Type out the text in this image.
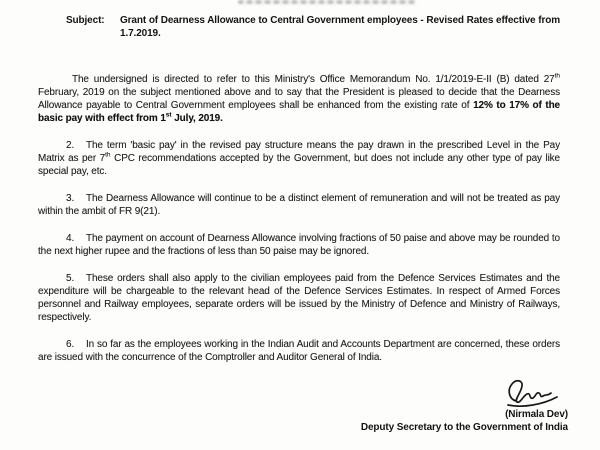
Subject:	Grant of Dearness Allowance to Central Government employees - Revised Rates effective from
1.7.2019.

The undersigned is directed to refer to this Ministry's Office Memorandum No. 1/1/2019-E-II (B) dated 27th February, 2019 on the subject mentioned above and to say that the President is pleased to decide that the Dearness Allowance payable to Central Government employees shall be enhanced from the existing rate of 12% to 17% of the basic pay with effect from 1st July, 2019.

2. The term 'basic pay' in the revised pay structure means the pay drawn in the prescribed Level in the Pay Matrix as per 7th CPC recommendations accepted by the Government, but does not include any other type of pay like special pay, etc.

3. The Dearness Allowance will continue to be a distinct element of remuneration and will not be treated as pay within the ambit of FR 9(21).

4. The payment on account of Dearness Allowance involving fractions of 50 paise and above may be rounded to the next higher rupee and the fractions of less than 50 paise may be ignored.

5. These orders shall also apply to the civilian employees paid from the Defence Services Estimates and the expenditure will be chargeable to the relevant head of the Defence Services Estimates. In respect of Armed Forces personnel and Railway employees, separate orders will be issued by the Ministry of Defence and Ministry of Railways, respectively.

6. In so far as the employees working in the Indian Audit and Accounts Department are concerned, these orders are issued with the concurrence of the Comptroller and Auditor General of India.

(Nirmala Dev)
Deputy Secretary to the Government of India
